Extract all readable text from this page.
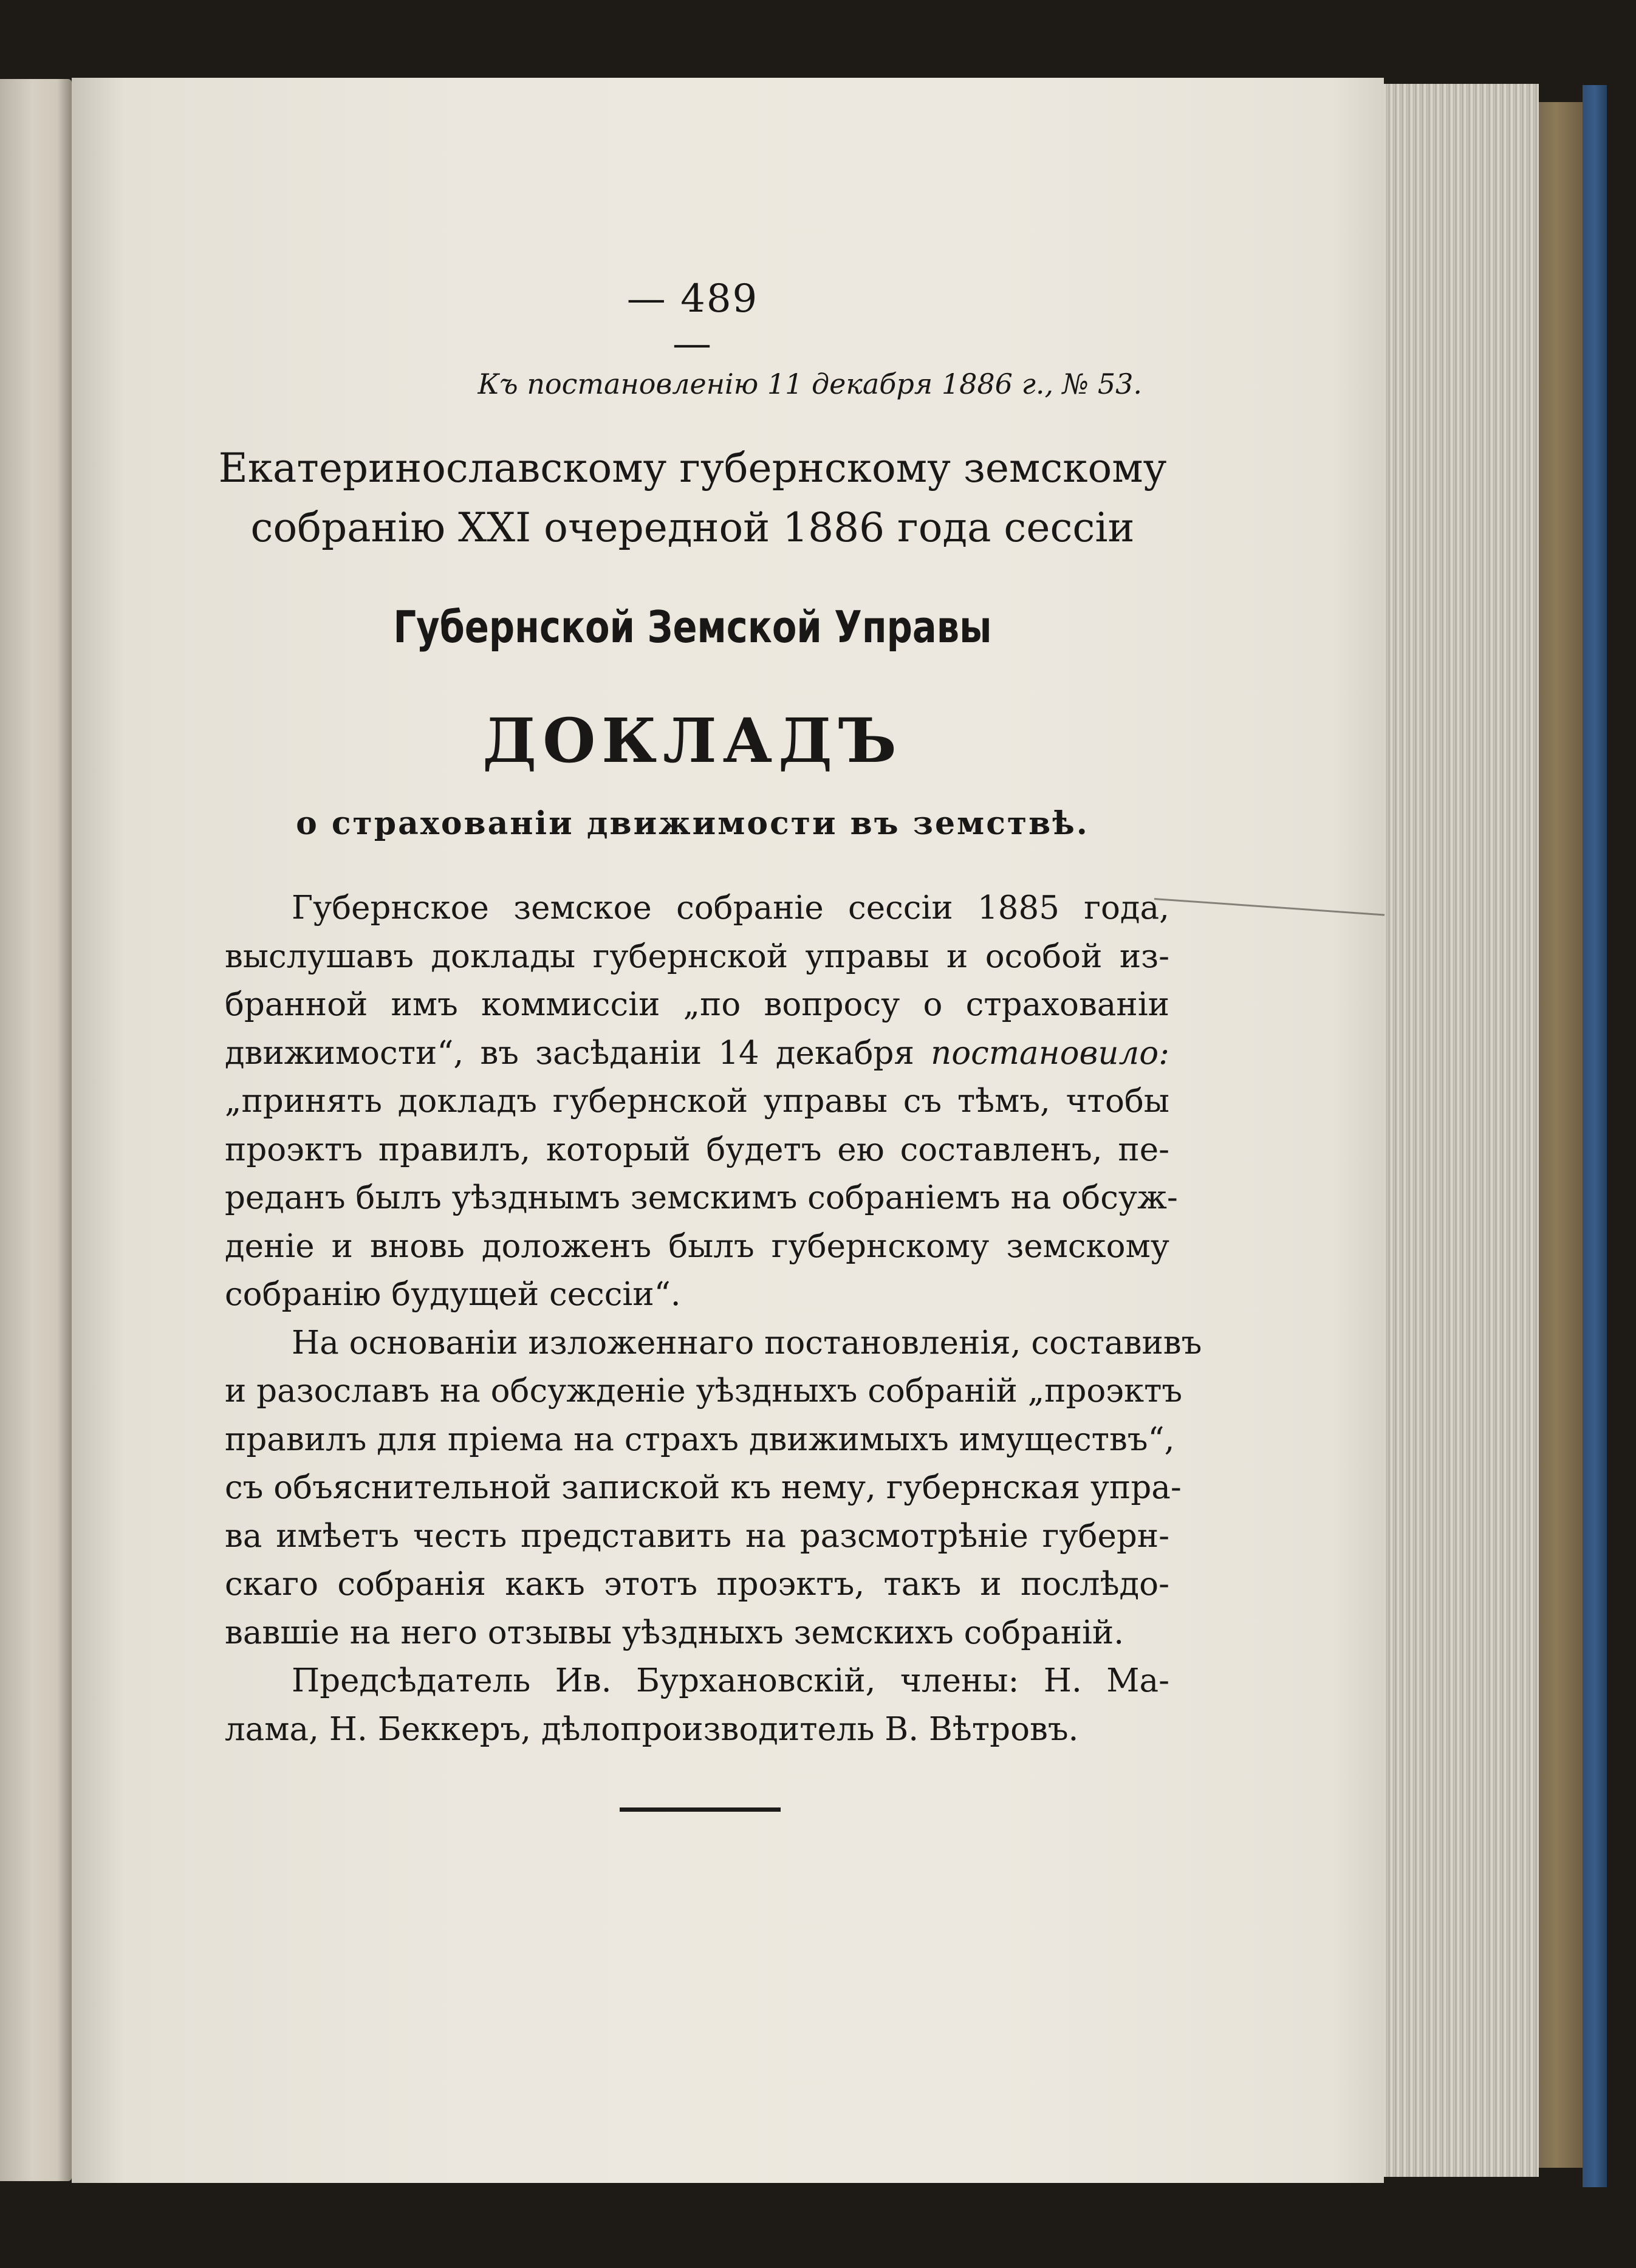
— 489 —
Къ постановленію 11 декабря 1886 г., № 53.
Екатеринославскому губернскому земскому
собранію XXI очередной 1886 года сессіи
Губернской Земской Управы
ДОКЛАДЪ
о страхованіи движимости въ земствѣ.

Губернское земское собраніе сессіи 1885 года,
выслушавъ доклады губернской управы и особой из-
бранной имъ коммиссіи „по вопросу о страхованіи
движимости“, въ засѣданіи 14 декабря постановило:
„принять докладъ губернской управы съ тѣмъ, чтобы
проэктъ правилъ, который будетъ ею составленъ, пе-
реданъ былъ уѣзднымъ земскимъ собраніемъ на обсуж-
деніе и вновь доложенъ былъ губернскому земскому
собранію будущей сессіи“.

На основаніи изложеннаго постановленія, составивъ
и разославъ на обсужденіе уѣздныхъ собраній „проэктъ
правилъ для пріема на страхъ движимыхъ имуществъ“,
съ объяснительной запиской къ нему, губернская упра-
ва имѣетъ честь представить на разсмотрѣніе губерн-
скаго собранія какъ этотъ проэктъ, такъ и послѣдо-
вавшіе на него отзывы уѣздныхъ земскихъ собраній.

Предсѣдатель Ив. Бурхановскій, члены: Н. Ма-
лама, Н. Беккеръ, дѣлопроизводитель В. Вѣтровъ.
